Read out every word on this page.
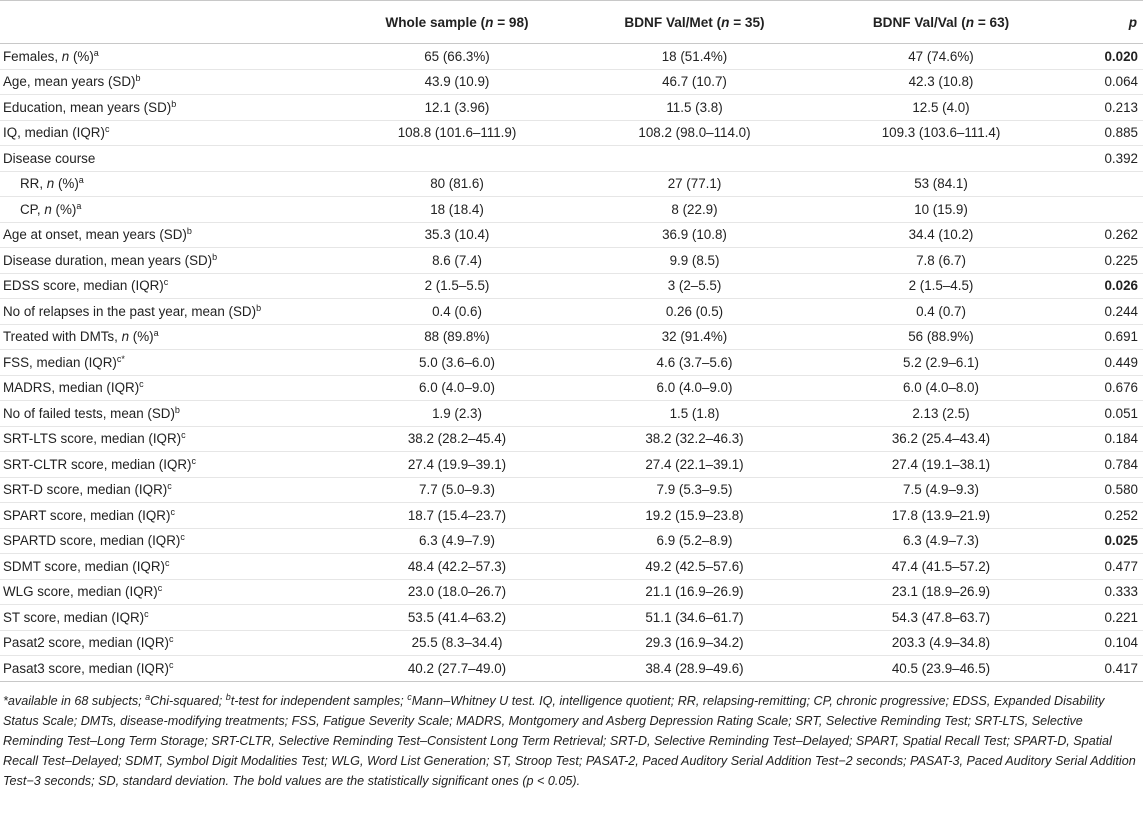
	Whole sample (n = 98)	BDNF Val/Met (n = 35)	BDNF Val/Val (n = 63)	p
Females, n (%)$^a$	65 (66.3%)	18 (51.4%)	47 (74.6%)	0.020
Age, mean years (SD)$^b$	43.9 (10.9)	46.7 (10.7)	42.3 (10.8)	0.064
Education, mean years (SD)$^b$	12.1 (3.96)	11.5 (3.8)	12.5 (4.0)	0.213
IQ, median (IQR)$^c$	108.8 (101.6–111.9)	108.2 (98.0–114.0)	109.3 (103.6–111.4)	0.885
Disease course				0.392
RR, n (%)$^a$	80 (81.6)	27 (77.1)	53 (84.1)	
CP, n (%)$^a$	18 (18.4)	8 (22.9)	10 (15.9)	
Age at onset, mean years (SD)$^b$	35.3 (10.4)	36.9 (10.8)	34.4 (10.2)	0.262
Disease duration, mean years (SD)$^b$	8.6 (7.4)	9.9 (8.5)	7.8 (6.7)	0.225
EDSS score, median (IQR)$^c$	2 (1.5–5.5)	3 (2–5.5)	2 (1.5–4.5)	0.026
No of relapses in the past year, mean (SD)$^b$	0.4 (0.6)	0.26 (0.5)	0.4 (0.7)	0.244
Treated with DMTs, n (%)$^a$	88 (89.8%)	32 (91.4%)	56 (88.9%)	0.691
FSS, median (IQR)$^{c*}$	5.0 (3.6–6.0)	4.6 (3.7–5.6)	5.2 (2.9–6.1)	0.449
MADRS, median (IQR)$^c$	6.0 (4.0–9.0)	6.0 (4.0–9.0)	6.0 (4.0–8.0)	0.676
No of failed tests, mean (SD)$^b$	1.9 (2.3)	1.5 (1.8)	2.13 (2.5)	0.051
SRT-LTS score, median (IQR)$^c$	38.2 (28.2–45.4)	38.2 (32.2–46.3)	36.2 (25.4–43.4)	0.184
SRT-CLTR score, median (IQR)$^c$	27.4 (19.9–39.1)	27.4 (22.1–39.1)	27.4 (19.1–38.1)	0.784
SRT-D score, median (IQR)$^c$	7.7 (5.0–9.3)	7.9 (5.3–9.5)	7.5 (4.9–9.3)	0.580
SPART score, median (IQR)$^c$	18.7 (15.4–23.7)	19.2 (15.9–23.8)	17.8 (13.9–21.9)	0.252
SPARTD score, median (IQR)$^c$	6.3 (4.9–7.9)	6.9 (5.2–8.9)	6.3 (4.9–7.3)	0.025
SDMT score, median (IQR)$^c$	48.4 (42.2–57.3)	49.2 (42.5–57.6)	47.4 (41.5–57.2)	0.477
WLG score, median (IQR)$^c$	23.0 (18.0–26.7)	21.1 (16.9–26.9)	23.1 (18.9–26.9)	0.333
ST score, median (IQR)$^c$	53.5 (41.4–63.2)	51.1 (34.6–61.7)	54.3 (47.8–63.7)	0.221
Pasat2 score, median (IQR)$^c$	25.5 (8.3–34.4)	29.3 (16.9–34.2)	203.3 (4.9–34.8)	0.104
Pasat3 score, median (IQR)$^c$	40.2 (27.7–49.0)	38.4 (28.9–49.6)	40.5 (23.9–46.5)	0.417
*available in 68 subjects; $^a$Chi-squared; $^b$t-test for independent samples; $^c$Mann–Whitney U test. IQ, intelligence quotient; RR, relapsing-remitting; CP, chronic progressive; EDSS, Expanded Disability Status Scale; DMTs, disease-modifying treatments; FSS, Fatigue Severity Scale; MADRS, Montgomery and Asberg Depression Rating Scale; SRT, Selective Reminding Test; SRT-LTS, Selective Reminding Test–Long Term Storage; SRT-CLTR, Selective Reminding Test–Consistent Long Term Retrieval; SRT-D, Selective Reminding Test–Delayed; SPART, Spatial Recall Test; SPART-D, Spatial Recall Test–Delayed; SDMT, Symbol Digit Modalities Test; WLG, Word List Generation; ST, Stroop Test; PASAT-2, Paced Auditory Serial Addition Test−2 seconds; PASAT-3, Paced Auditory Serial Addition Test−3 seconds; SD, standard deviation. The bold values are the statistically significant ones (p < 0.05).
